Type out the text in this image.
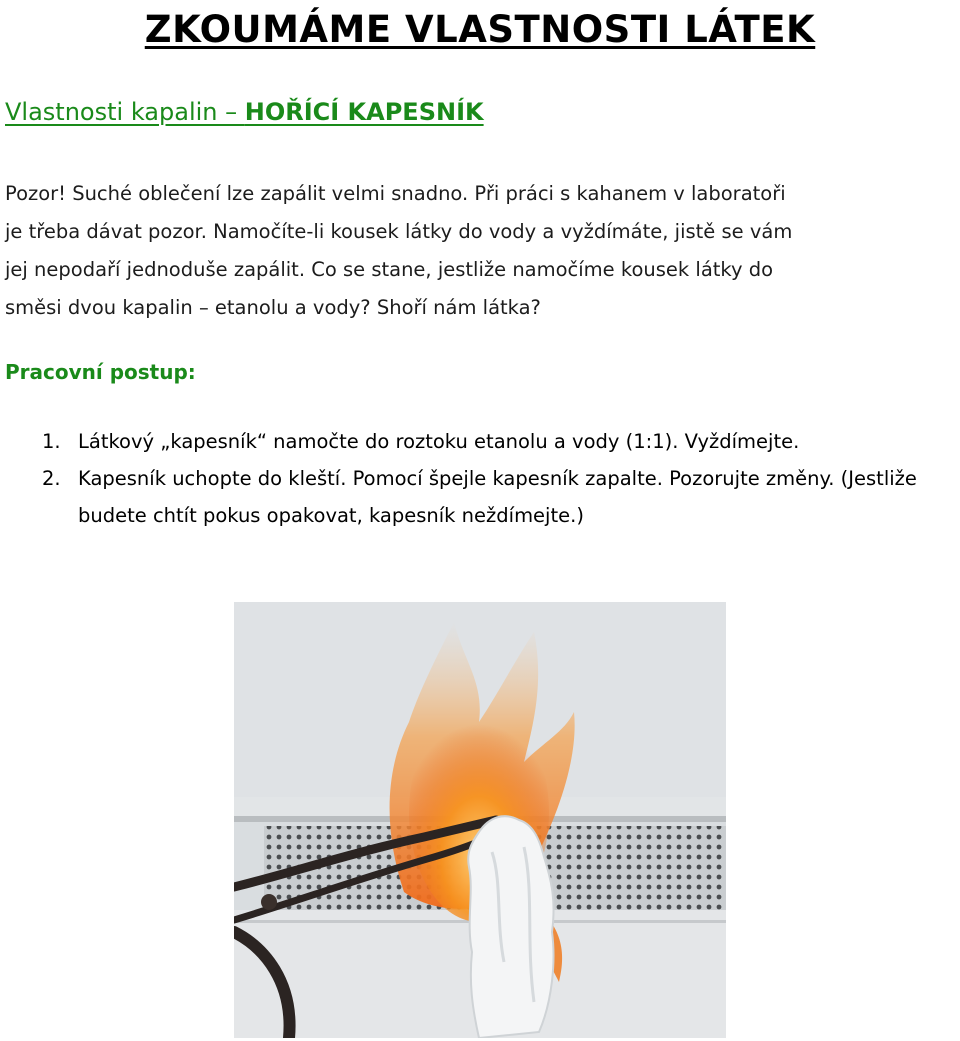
ZKOUMÁME VLASTNOSTI LÁTEK
Vlastnosti kapalin – HOŘÍCÍ KAPESNÍK
Pozor! Suché oblečení lze zapálit velmi snadno. Při práci s kahanem v laboratoři
je třeba dávat pozor. Namočíte-li kousek látky do vody a vyždímáte, jistě se vám
jej nepodaří jednoduše zapálit. Co se stane, jestliže namočíme kousek látky do
směsi dvou kapalin – etanolu a vody? Shoří nám látka?
Pracovní postup:
1. Látkový „kapesník“ namočte do roztoku etanolu a vody (1:1). Vyždímejte.
2. Kapesník uchopte do kleští. Pomocí špejle kapesník zapalte. Pozorujte změny. (Jestliže budete chtít pokus opakovat, kapesník neždímejte.)
